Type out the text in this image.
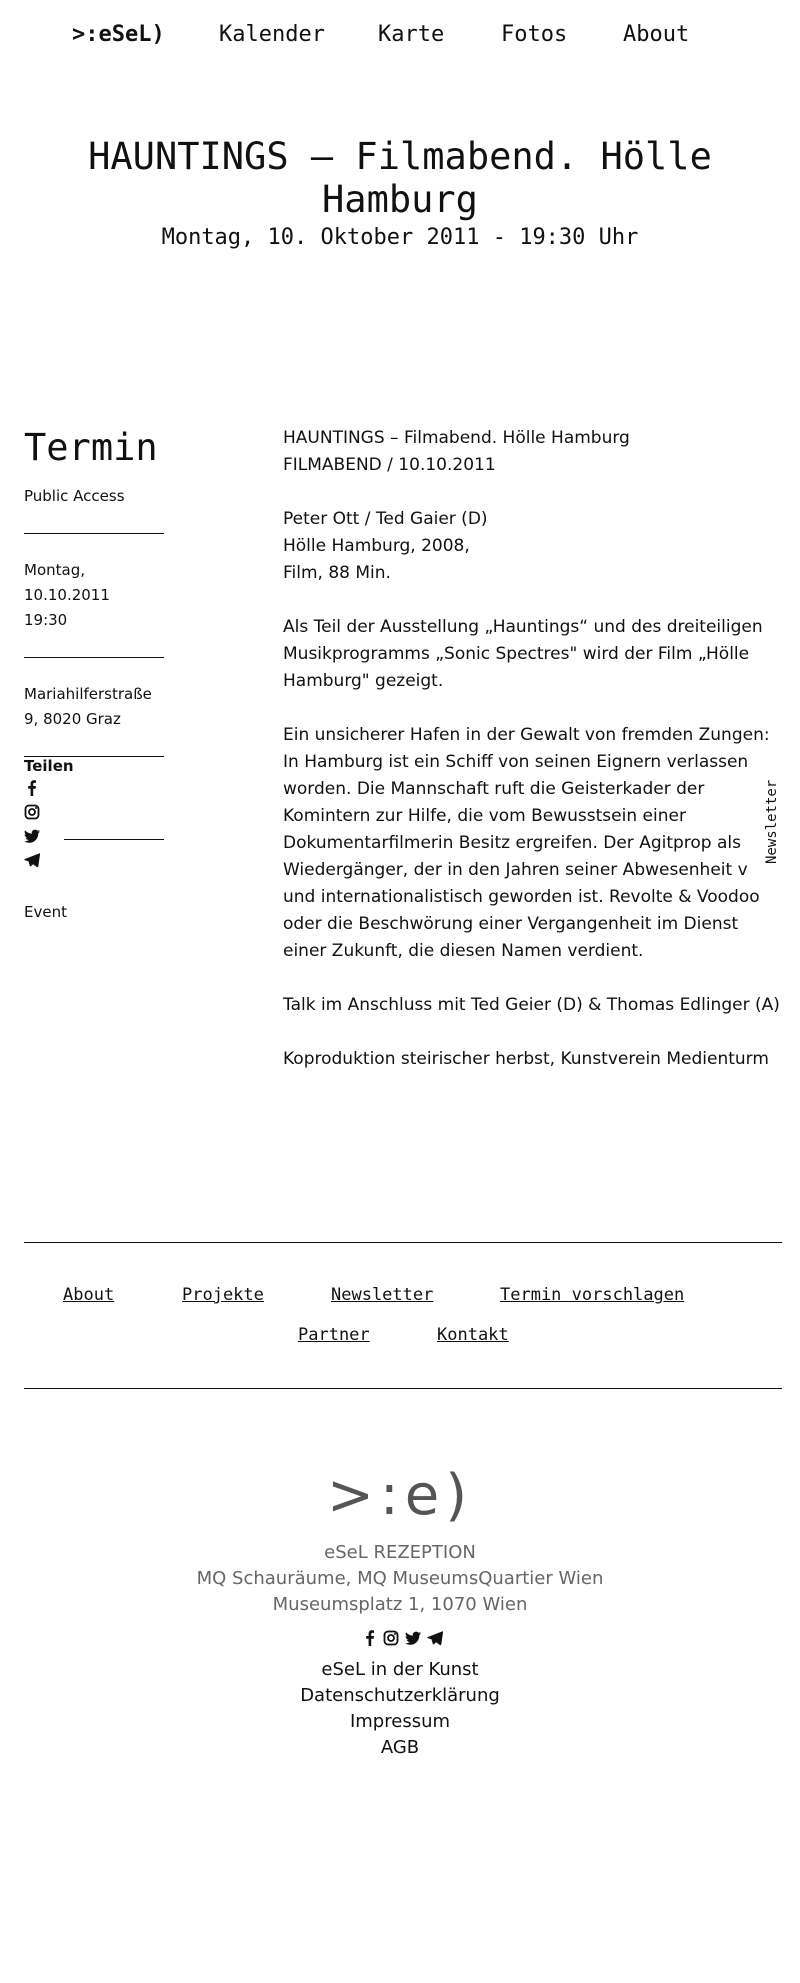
>:eSeL) Kalender Karte	Fotos	About
HAUNTINGS – Filmabend. Hölle Hamburg
Montag, 10. Oktober 2011 - 19:30 Uhr
Termin
Public Access
Montag, 10.10.2011
19:30
Mariahilferstraße
9, 8020 Graz
Teilen
Event

HAUNTINGS – Filmabend. Hölle Hamburg
FILMABEND / 10.10.2011

Peter Ott / Ted Gaier (D)
Hölle Hamburg, 2008,
Film, 88 Min.

Als Teil der Ausstellung „Hauntings“ und des dreiteiligen Musikprogramms „Sonic Spectres" wird der Film „Hölle Hamburg" gezeigt.

Ein unsicherer Hafen in der Gewalt von fremden Zungen: In Hamburg ist ein Schiff von seinen Eignern verlassen worden. Die Mannschaft ruft die Geisterkader der Komintern zur Hilfe, die vom Bewusstsein einer Dokumentarfilmerin Besitz ergreifen. Der Agitprop als Wiedergänger, der in den Jahren seiner Abwesenheit v und internationalistisch geworden ist. Revolte & Voodoo oder die Beschwörung einer Vergangenheit im Dienst einer Zukunft, die diesen Namen verdient.

Talk im Anschluss mit Ted Geier (D) & Thomas Edlinger (A)

Koproduktion steirischer herbst, Kunstverein Medienturm

Newsletter
About	Projekte	Newsletter	Termin vorschlagen
Partner	Kontakt
>:e)
eSeL REZEPTION
MQ Schauräume, MQ MuseumsQuartier Wien
Museumsplatz 1, 1070 Wien
eSeL in der Kunst
Datenschutzerklärung
Impressum
AGB
